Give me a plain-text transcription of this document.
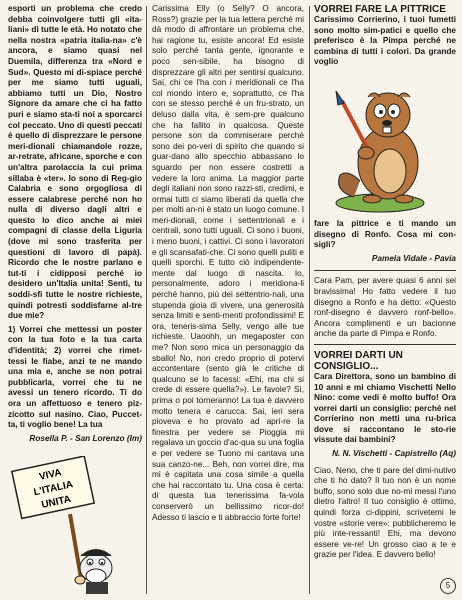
esporti un problema che credo debba coinvolgere tutti gli «ita-liani» di tutte le età. Ho notato che nella nostra «patria italia-na» c'è ancora, e siamo quasi nel Duemila, differenza tra «Nord e Sud». Questo mi di-spiace perché per me siamo tutti uguali, abbiamo tutti un Dio, Nostro Signore da amare che ci ha fatto puri e siamo sta-ti noi a sporcarci col peccato. Uno di questi peccati è quello di disprezzare le persone meri-dionali chiamandole rozze, ar-retrate, africane, sporche e con un'altra parolaccia la cui prima sillaba è «ter». Io sono di Reg-gio Calabria e sono orgogliosa di essere calabrese perché non ho nulla di diverso dagli altri e questo lo dico anche ai miei compagni di classe della Liguria (dove mi sono trasferita per questioni di lavoro di papà). Ricordo che le nostre parlano e tut-ti i cidipposi perché io desidero un'Italia unita! Senti, tu soddi-sfi tutte le nostre richieste, quindi potresti soddisfarne al-tre due mie?

1) Vorrei che mettessi un poster con la tua foto e la tua carta d'identità; 2) vorrei che rimet-tessi le fiabe, anzi te ne mando una mia e, anche se non potrai pubblicarla, vorrei che tu ne avessi un tenero ricordo. Ti do ora un affettuoso e tenero piz-zicotto sul nasino. Ciao, Puccet-ta, ti voglio bene! La tua

Rosella P. - San Lorenzo (Im)

VIVA
L'ITALIA
UNITA

Carissima Elly (o Selly? O ancora, Ross?) grazie per la tua lettera perché mi dà modo di affrontare un problema che, hai ragione tu, esiste ancora! Ed esiste solo perché tanta gente, ignorante e poco sen-sibile, ha bisogno di disprezzare gli altri per sentirsi qualcuno. Sai, chi ce l'ha con i meridionali ce l'ha col mondo intero e, soprattutto, ce l'ha con se stesso perché è un fru-strato, un deluso dalla vita, è sem-pre qualcuno che ha fallito in qualcosa. Queste persone son da commiserare perché sono dei po-veri di spirito che quando si guar-dano allo specchio abbassano lo sguardo per non essere costretti a vedere la loro anima. La maggior parte degli italiani non sono razzi-sti, credimi, e ormai tutti ci siamo liberati da quella che per molti an-ni è stato un luogo comune. I meri-dionali, come i settentrionali e i centrali, sono tutti uguali. Ci sono i buoni, i meno buoni, i cattivi. Ci sono i lavoratori e gli scansafati-che. Ci sono quelli puliti e quelli sporchi. E tutto ciò indipendente-mente dal luogo di nascita. Io, personalmente, adoro i meridiona-li perché hanno, più dei settentrio-nali, una stupenda gioia di vivere, una generosità senza limiti e senti-menti profondissimi! E ora, teneris-sima Selly, vengo alle tue richieste. Uaoohh, un megaposter con me? Non sono mica un personaggio da sballo! No, non credo proprio di potervi accontentare (sento già le critiche di qualcuno se lo facessi: «Ehi, ma chi si crede di essere quella?»). Le favole? Sì, prima o poi torneranno! La tua è davvero molto tenera e carucca. Sai, ieri sera pioveva e ho provato ad apri-re la finestra per vedere se Pioggia mi regalava un goccio d'ac-qua su una foglia e per vedere se Tuono mi cantava una sua canzo-ne... Beh, non vorrei dire, ma mi è capitata una cosa simile a quella che hai raccontato tu. Una cosa è certa: di questa tua tenerissima fa-vola conserverò un bellissimo ricor-do! Adesso ti lascio e ti abbraccio forte forte!

VORREI FARE LA PITTRICE

Carissimo Corrierino, i tuoi fumetti sono molto sim-patici e quello che preferisco è la Pimpa perché ne combina di tutti i colori. Da grande voglio

fare la pittrice e ti mando un disegno di Ronfo. Cosa mi con-sigli?

Pamela Vidale - Pavia

Cara Pam, per avere quasi 6 anni sei bravissima! Ho fatto vedere il tuo disegno a Ronfo e ha detto: «Questo ronf-disegno è davvero ronf-bello». Ancora complimenti e un bacionne anche da parte di Pimpa e Ronfo.

VORREI DARTI UN CONSIGLIO...

Cara Direttora, sono un bambino di 10 anni e mi chiamo Vischetti Nello Nino: come vedi è molto buffo! Ora vorrei darti un consiglio: perché nel Corrierino non metti una ru-brica dove si raccontano le sto-rie vissute dai bambini?

N. N. Vischetti - Capistrello (Aq)

Ciao, Neno, che ti pare del dimi-nutivo che ti ho dato? Il tuo non è un nome buffo, sono solo due no-mi messi l'uno dietro l'altro! Il tuo consiglio è ottimo, quindi forza ci-dippini, scrivetemi le vostre «storie vere»: pubblicheremo le più inte-ressanti! Ehi, ma devono essere ve-re! Un grosso ciao a te e grazie per l'idea. E davvero bello!

5
